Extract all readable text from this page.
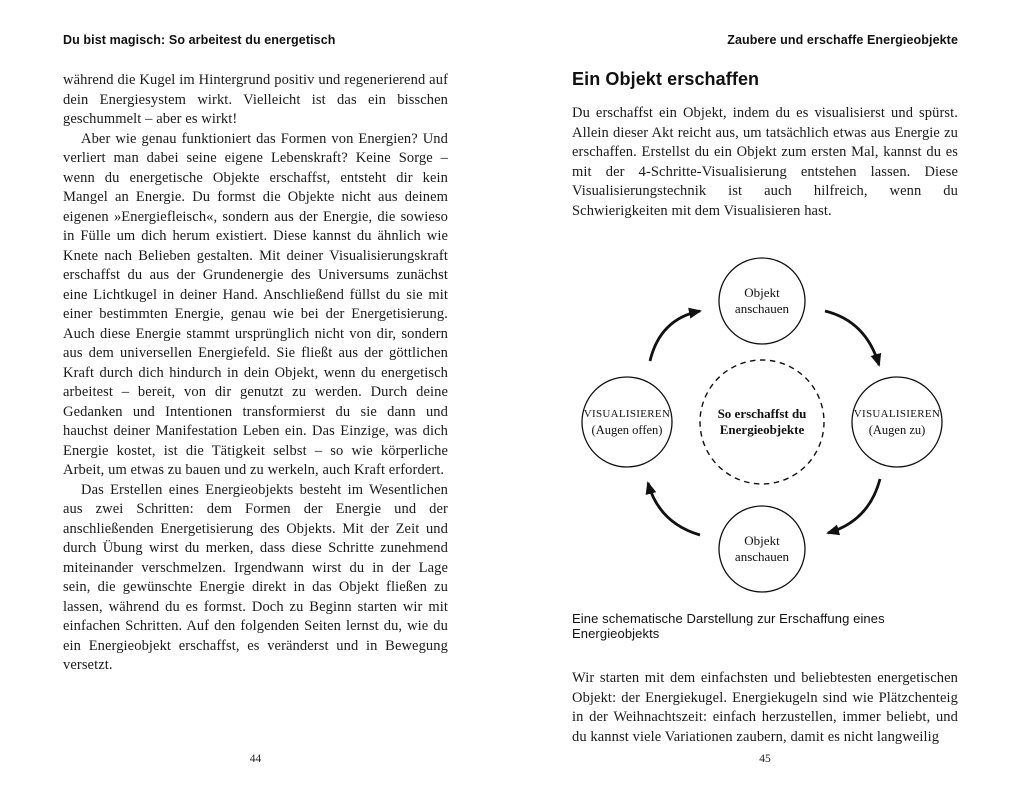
Du bist magisch: So arbeitest du energetisch

während die Kugel im Hintergrund positiv und regenerierend auf dein Energiesystem wirkt. Vielleicht ist das ein bisschen geschummelt – aber es wirkt!

Aber wie genau funktioniert das Formen von Energien? Und verliert man dabei seine eigene Lebenskraft? Keine Sorge – wenn du energetische Objekte erschaffst, entsteht dir kein Mangel an Energie. Du formst die Objekte nicht aus deinem eigenen »Energiefleisch«, sondern aus der Energie, die sowieso in Fülle um dich herum existiert. Diese kannst du ähnlich wie Knete nach Belieben gestalten. Mit deiner Visualisierungskraft erschaffst du aus der Grundenergie des Universums zunächst eine Lichtkugel in deiner Hand. Anschließend füllst du sie mit einer bestimmten Energie, genau wie bei der Energetisierung. Auch diese Energie stammt ursprünglich nicht von dir, sondern aus dem universellen Energiefeld. Sie fließt aus der göttlichen Kraft durch dich hindurch in dein Objekt, wenn du energetisch arbeitest – bereit, von dir genutzt zu werden. Durch deine Gedanken und Intentionen transformierst du sie dann und hauchst deiner Manifestation Leben ein. Das Einzige, was dich Energie kostet, ist die Tätigkeit selbst – so wie körperliche Arbeit, um etwas zu bauen und zu werkeln, auch Kraft erfordert.

Das Erstellen eines Energieobjekts besteht im Wesentlichen aus zwei Schritten: dem Formen der Energie und der anschließenden Energetisierung des Objekts. Mit der Zeit und durch Übung wirst du merken, dass diese Schritte zunehmend miteinander verschmelzen. Irgendwann wirst du in der Lage sein, die gewünschte Energie direkt in das Objekt fließen zu lassen, während du es formst. Doch zu Beginn starten wir mit einfachen Schritten. Auf den folgenden Seiten lernst du, wie du ein Energieobjekt erschaffst, es veränderst und in Bewegung versetzt.

44
Zaubere und erschaffe Energieobjekte
Ein Objekt erschaffen

Du erschaffst ein Objekt, indem du es visualisierst und spürst. Allein dieser Akt reicht aus, um tatsächlich etwas aus Energie zu erschaffen. Erstellst du ein Objekt zum ersten Mal, kannst du es mit der 4-Schritte-Visualisierung entstehen lassen. Diese Visualisierungstechnik ist auch hilfreich, wenn du Schwierigkeiten mit dem Visualisieren hast.

Objekt anschauen
So erschaffst du Energieobjekte
VISUALISIEREN
(Augen offen)
VISUALISIEREN
(Augen zu)
Objekt anschauen
Eine schematische Darstellung zur Erschaffung eines Energieobjekts

Wir starten mit dem einfachsten und beliebtesten energetischen Objekt: der Energiekugel. Energiekugeln sind wie Plätzchenteig in der Weihnachtszeit: einfach herzustellen, immer beliebt, und du kannst viele Variationen zaubern, damit es nicht langweilig

45
